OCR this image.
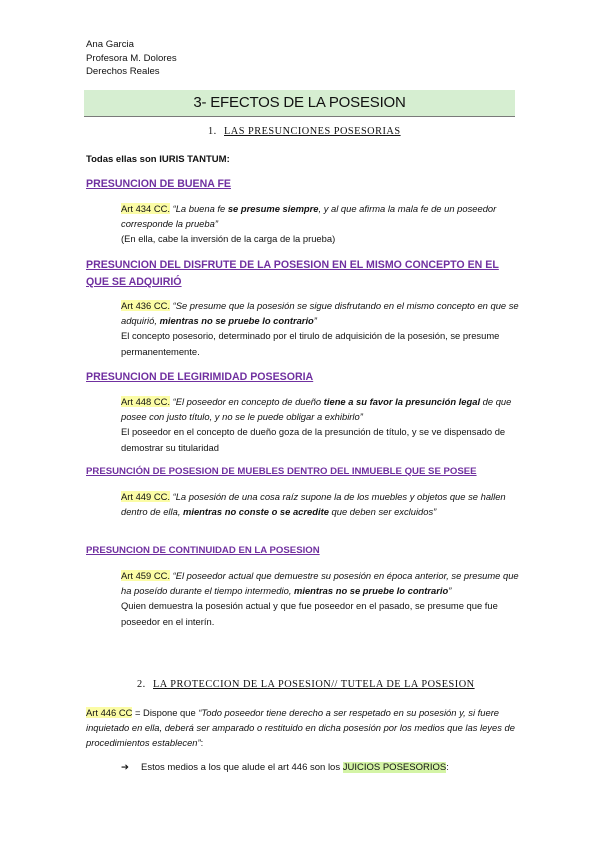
Ana Garcia
Profesora M. Dolores
Derechos Reales
3- EFECTOS DE LA POSESION
1. LAS PRESUNCIONES POSESORIAS
Todas ellas son IURIS TANTUM:
PRESUNCION DE BUENA FE
Art 434 CC. “La buena fe se presume siempre, y al que afirma la mala fe de un poseedor corresponde la prueba”
(En ella, cabe la inversión de la carga de la prueba)
PRESUNCION DEL DISFRUTE DE LA POSESION EN EL MISMO CONCEPTO EN EL QUE SE ADQUIRIÓ
Art 436 CC. “Se presume que la posesión se sigue disfrutando en el mismo concepto en que se adquirió, mientras no se pruebe lo contrario”
El concepto posesorio, determinado por el tirulo de adquisición de la posesión, se presume permanentemente.
PRESUNCION DE LEGIRIMIDAD POSESORIA
Art 448 CC. “El poseedor en concepto de dueño tiene a su favor la presunción legal de que posee con justo título, y no se le puede obligar a exhibirlo”
El poseedor en el concepto de dueño goza de la presunción de título, y se ve dispensado de demostrar su titularidad
PRESUNCIÓN DE POSESION DE MUEBLES DENTRO DEL INMUEBLE QUE SE POSEE
Art 449 CC. “La posesión de una cosa raíz supone la de los muebles y objetos que se hallen dentro de ella, mientras no conste o se acredite que deben ser excluidos”
PRESUNCION DE CONTINUIDAD EN LA POSESION
Art 459 CC. “El poseedor actual que demuestre su posesión en época anterior, se presume que ha poseído durante el tiempo intermedio, mientras no se pruebe lo contrario”
Quien demuestra la posesión actual y que fue poseedor en el pasado, se presume que fue poseedor en el interín.
2. LA PROTECCION DE LA POSESION// TUTELA DE LA POSESION
Art 446 CC = Dispone que “Todo poseedor tiene derecho a ser respetado en su posesión y, si fuere inquietado en ella, deberá ser amparado o restituido en dicha posesión por los medios que las leyes de procedimientos establecen”:
➔ Estos medios a los que alude el art 446 son los JUICIOS POSESORIOS:
